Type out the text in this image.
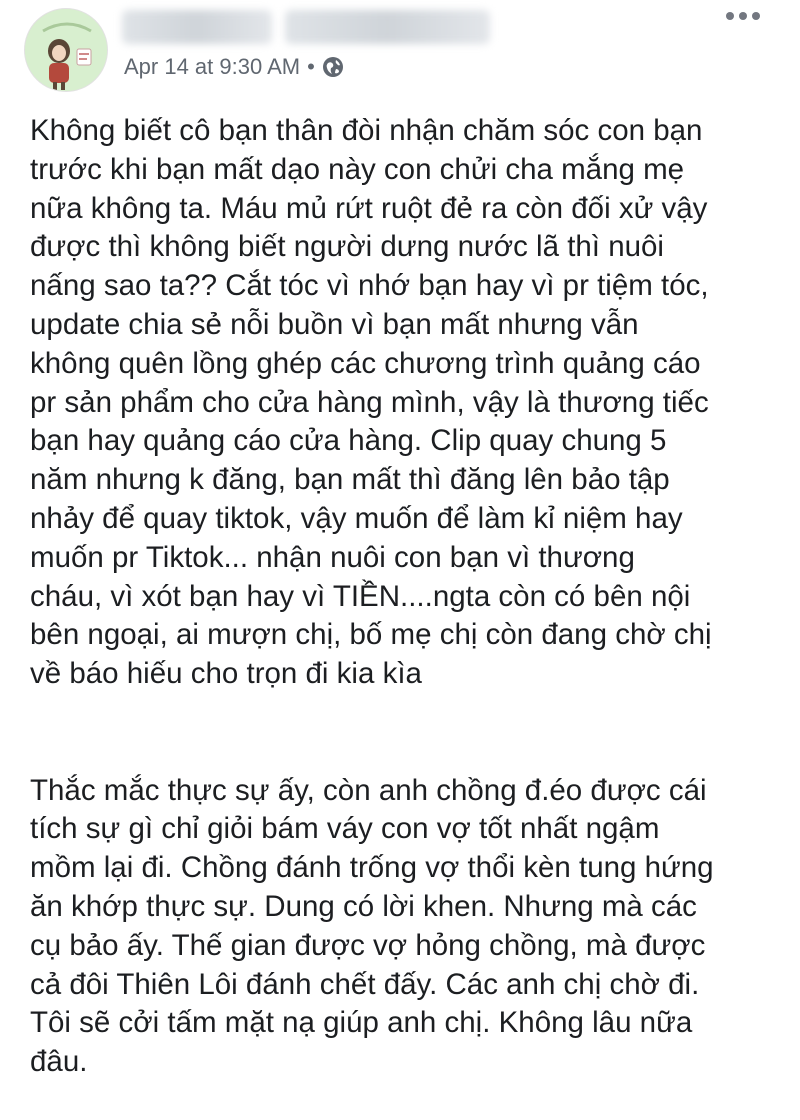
Apr 14 at 9:30 AM •
Không biết cô bạn thân đòi nhận chăm sóc con bạn
trước khi bạn mất dạo này con chửi cha mắng mẹ
nữa không ta. Máu mủ rứt ruột đẻ ra còn đối xử vậy
được thì không biết người dưng nước lã thì nuôi
nấng sao ta?? Cắt tóc vì nhớ bạn hay vì pr tiệm tóc,
update chia sẻ nỗi buồn vì bạn mất nhưng vẫn
không quên lồng ghép các chương trình quảng cáo
pr sản phẩm cho cửa hàng mình, vậy là thương tiếc
bạn hay quảng cáo cửa hàng. Clip quay chung 5
năm nhưng k đăng, bạn mất thì đăng lên bảo tập
nhảy để quay tiktok, vậy muốn để làm kỉ niệm hay
muốn pr Tiktok... nhận nuôi con bạn vì thương
cháu, vì xót bạn hay vì TIỀN....ngta còn có bên nội
bên ngoại, ai mượn chị, bố mẹ chị còn đang chờ chị
về báo hiếu cho trọn đi kia kìa
Thắc mắc thực sự ấy, còn anh chồng đ.éo được cái
tích sự gì chỉ giỏi bám váy con vợ tốt nhất ngậm
mồm lại đi. Chồng đánh trống vợ thổi kèn tung hứng
ăn khớp thực sự. Dung có lời khen. Nhưng mà các
cụ bảo ấy. Thế gian được vợ hỏng chồng, mà được
cả đôi Thiên Lôi đánh chết đấy. Các anh chị chờ đi.
Tôi sẽ cởi tấm mặt nạ giúp anh chị. Không lâu nữa
đâu.
